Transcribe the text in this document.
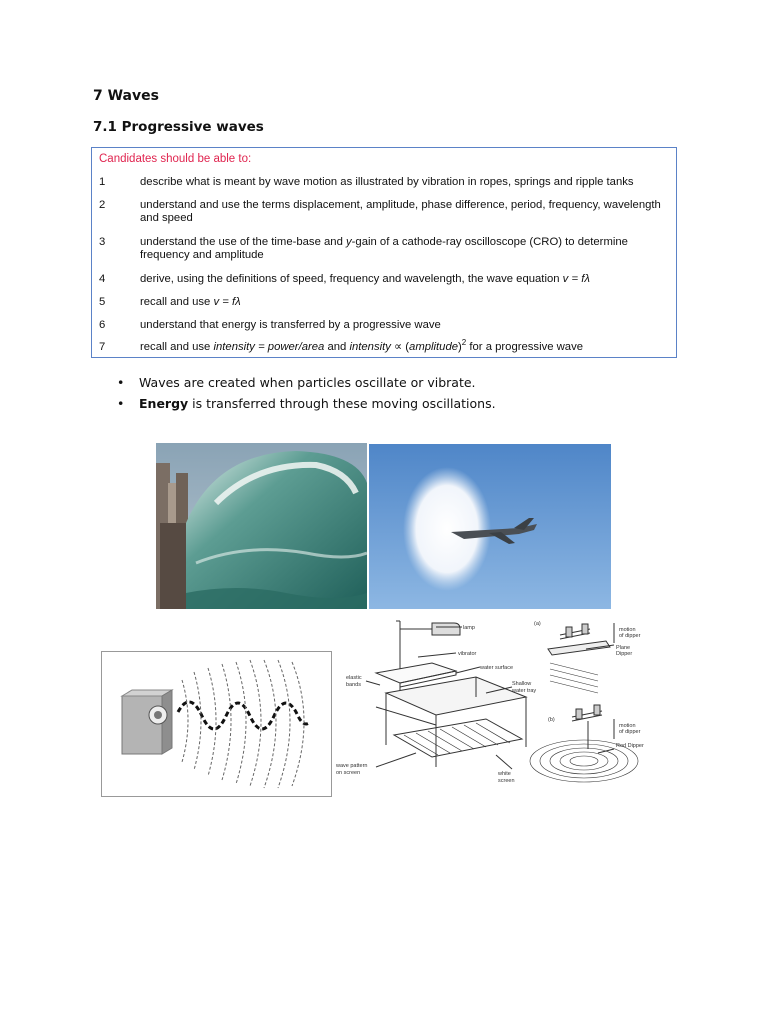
7 Waves
7.1 Progressive waves
Candidates should be able to:
1	describe what is meant by wave motion as illustrated by vibration in ropes, springs and ripple tanks
2	understand and use the terms displacement, amplitude, phase difference, period, frequency, wavelength
and speed
3	understand the use of the time-base and y-gain of a cathode-ray oscilloscope (CRO) to determine
frequency and amplitude
4	derive, using the definitions of speed, frequency and wavelength, the wave equation v = fλ
5	recall and use v = fλ
6	understand that energy is transferred by a progressive wave
7	recall and use intensity = power/area and intensity ∝ (amplitude)$^2$ for a progressive wave
• Waves are created when particles oscillate or vibrate.
• Energy is transferred through these moving oscillations.
lamp
vibrator
water surface
Shallow
water tray
elastic
bands
wave pattern
on screen	white
screen
(a)
motion
of dipper
Plane
Dipper
(b)
motion
of dipper
Rod Dipper
